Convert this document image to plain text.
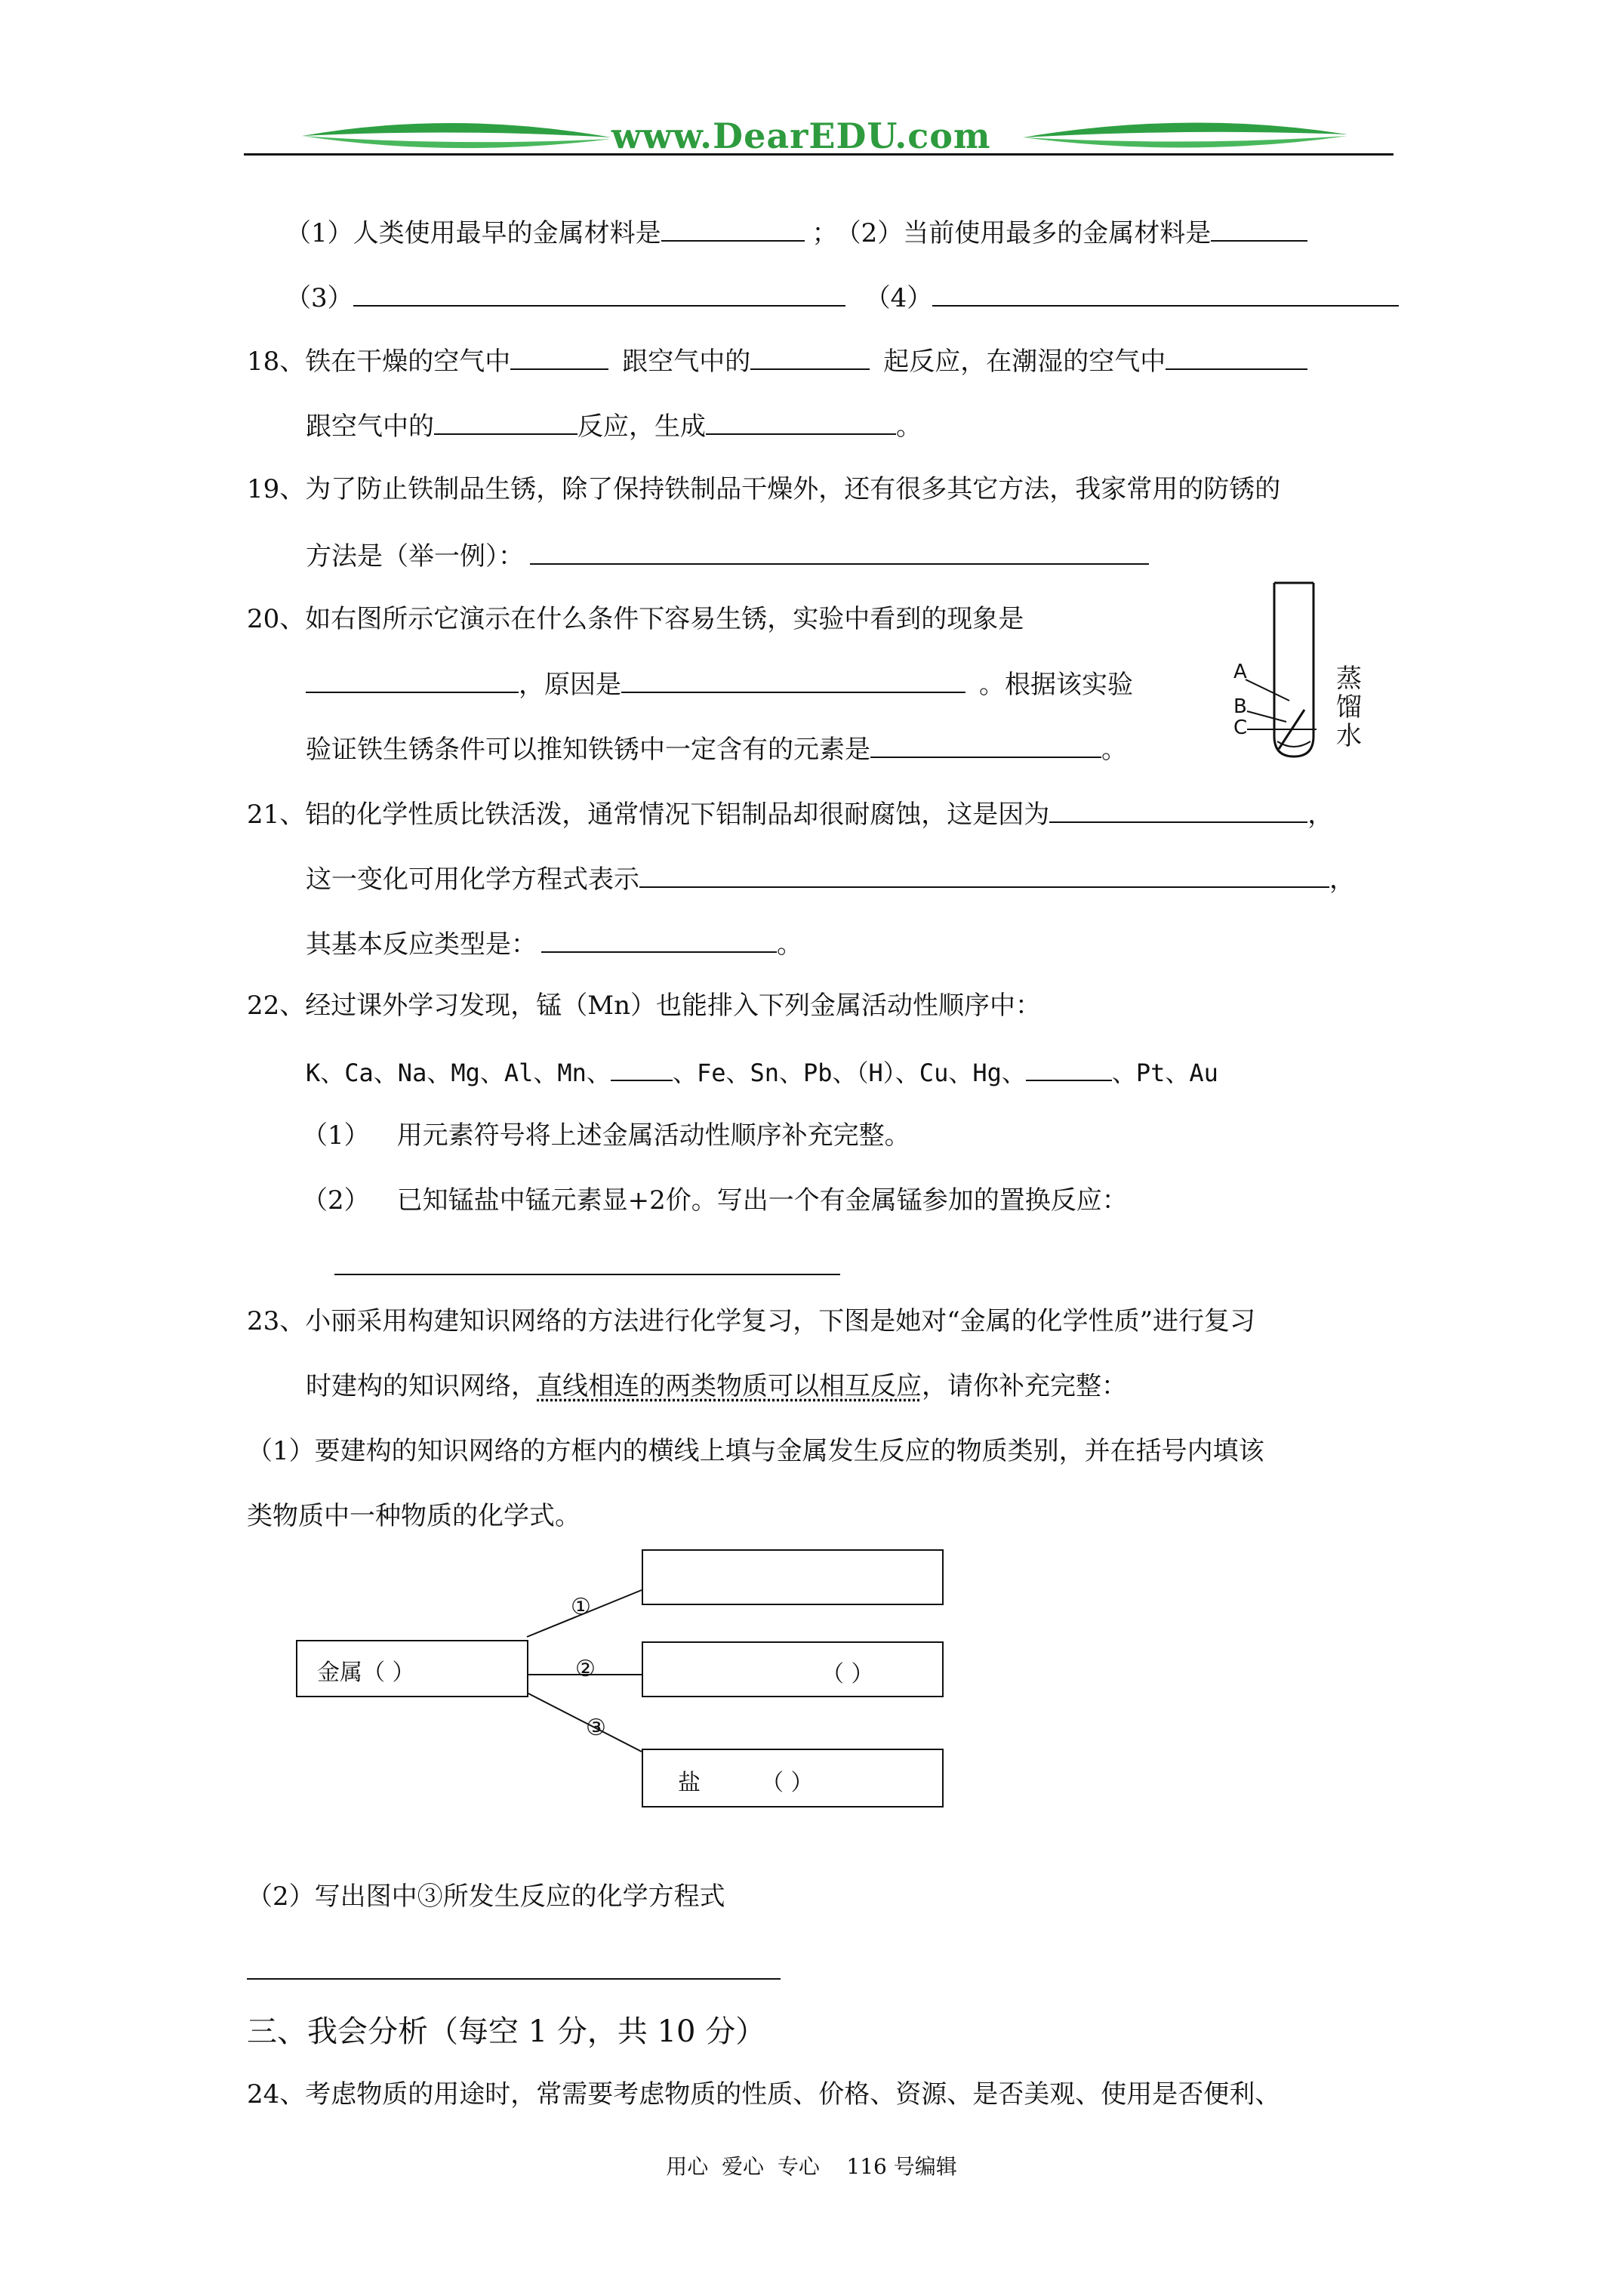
www.DearEDU.com
（1）人类使用最早的金属材料是	； （2）当前使用最多的金属材料是
（3）	（4）
18、铁在干燥的空气中	跟空气中的	起反应，在潮湿的空气中
跟空气中的	反应，生成	。
19、为了防止铁制品生锈，除了保持铁制品干燥外，还有很多其它方法，我家常用的防锈的
方法是（举一例）：
20、如右图所示它演示在什么条件下容易生锈，实验中看到的现象是
，原因是	。根据该实验
验证铁生锈条件可以推知铁锈中一定含有的元素是	。
A
B
C
蒸
馏
水
21、铝的化学性质比铁活泼，通常情况下铝制品却很耐腐蚀，这是因为	，
这一变化可用化学方程式表示	，
其基本反应类型是：	。
22、经过课外学习发现，锰（Mn）也能排入下列金属活动性顺序中：
K、Ca、Na、Mg、Al、Mn、	、Fe、Sn、Pb、（H）、Cu、Hg、	、Pt、Au
（1） 用元素符号将上述金属活动性顺序补充完整。
（2） 已知锰盐中锰元素显+2价。写出一个有金属锰参加的置换反应：
23、小丽采用构建知识网络的方法进行化学复习，下图是她对“金属的化学性质”进行复习
时建构的知识网络，直线相连的两类物质可以相互反应，请你补充完整：
（1）要建构的知识网络的方框内的横线上填与金属发生反应的物质类别，并在括号内填该
类物质中一种物质的化学式。
金属（ ）	（ ）
盐	（ ）
①
②
③
（2）写出图中③所发生反应的化学方程式
三、我会分析（每空 1 分，共 10 分）
24、考虑物质的用途时，常需要考虑物质的性质、价格、资源、是否美观、使用是否便利、
用心  爱心  专心    116 号编辑
